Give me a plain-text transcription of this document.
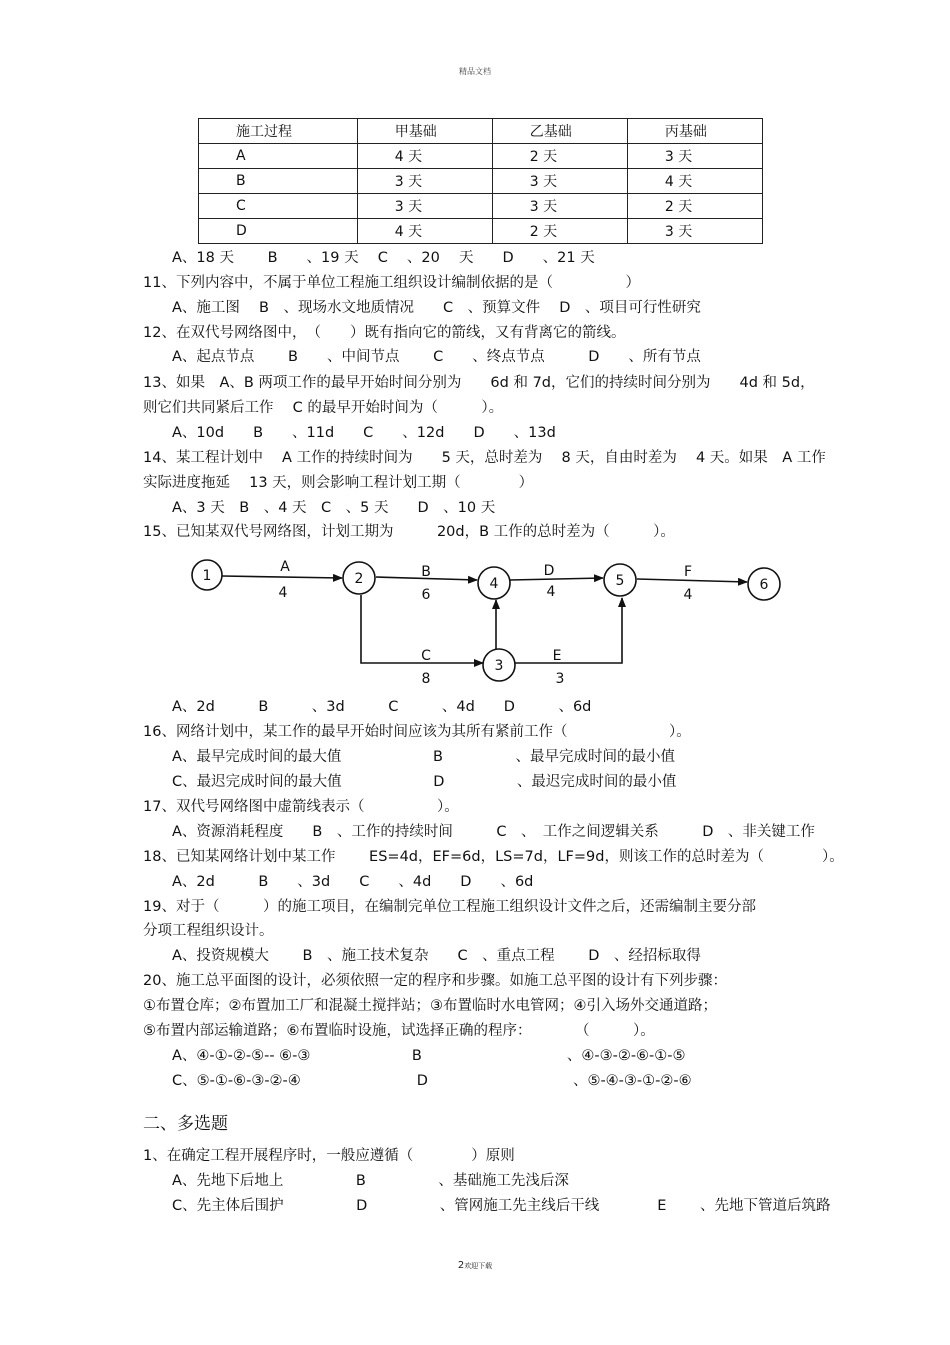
精品文档
施工过程	甲基础	乙基础	丙基础
A	4 天	2 天	3 天
B	3 天	3 天	4 天
C	3 天	3 天	2 天
D	4 天	2 天	3 天
A、18 天　　 B　　、19 天　 C　 、20　 天　　D　　、21 天
11、下列内容中，不属于单位工程施工组织设计编制依据的是（　　　　　）
A、施工图　 B　、现场水文地质情况　　C　、预算文件　 D　、项目可行性研究
12、在双代号网络图中，　（　　）既有指向它的箭线，又有背离它的箭线。
A、起点节点　　 B　　、中间节点　　 C　　、终点节点　　　D　　、所有节点
13、如果　A、B 两项工作的最早开始时间分别为　　6d 和 7d，它们的持续时间分别为　　4d 和 5d，
则它们共同紧后工作　 C 的最早开始时间为（　　　）。
A、10d　　B　　、11d　　C　　、12d　　D　　、13d
14、某工程计划中　 A 工作的持续时间为　　5 天，总时差为　 8 天，自由时差为　 4 天。如果　A 工作
实际进度拖延　 13 天，则会影响工程计划工期（　　　　）
A、3 天　B　、4 天　C　、5 天　　D　、10 天
15、已知某双代号网络图，计划工期为　　　20d，B 工作的总时差为（　　　）。
1	2
3
4	5	6
A
4
B
6
C
8
D
4
E
3
F
4
A、2d　　　B　　　、3d　　　C　　　、4d　　D　　　、6d
16、网络计划中，某工作的最早开始时间应该为其所有紧前工作（　　　　　　　）。
A、最早完成时间的最大值　　　　　　 B　　　　　、最早完成时间的最小值
C、最迟完成时间的最大值　　　　　　 D　　　　　、最迟完成时间的最小值
17、双代号网络图中虚箭线表示（　　　　　）。
A、资源消耗程度　　B　、工作的持续时间　　　C　、　工作之间逻辑关系　　　D　、非关键工作
18、已知某网络计划中某工作　　 ES=4d，EF=6d，LS=7d，LF=9d，则该工作的总时差为（　　　　）。
A、2d　　　B　　、3d　　C　　、4d　　D　　、6d
19、对于（　　　）的施工项目，在编制完单位工程施工组织设计文件之后，还需编制主要分部
分项工程组织设计。
A、投资规模大　　 B　、施工技术复杂　　C　、重点工程　　 D　、经招标取得
20、施工总平面图的设计，必须依照一定的程序和步骤。如施工总平图的设计有下列步骤：
①布置仓库；②布置加工厂和混凝土搅拌站；③布置临时水电管网；④引入场外交通道路；
⑤布置内部运输道路；⑥布置临时设施，试选择正确的程序：　　　　（　　　）。
A、④-①-②-⑤-- ⑥-③　　　　　　　B　　　　　　　　　　、④-③-②-⑥-①-⑤
C、⑤-①-⑥-③-②-④　　　　　　　　D　　　　　　　　　　、⑤-④-③-①-②-⑥
二、多选题
1、在确定工程开展程序时，一般应遵循（　　　　）原则
A、先地下后地上　　　　　B　　　　　、基础施工先浅后深
C、先主体后围护　　　　　D　　　　　、管网施工先主线后干线　　　　E　　 、先地下管道后筑路
2欢迎下载
